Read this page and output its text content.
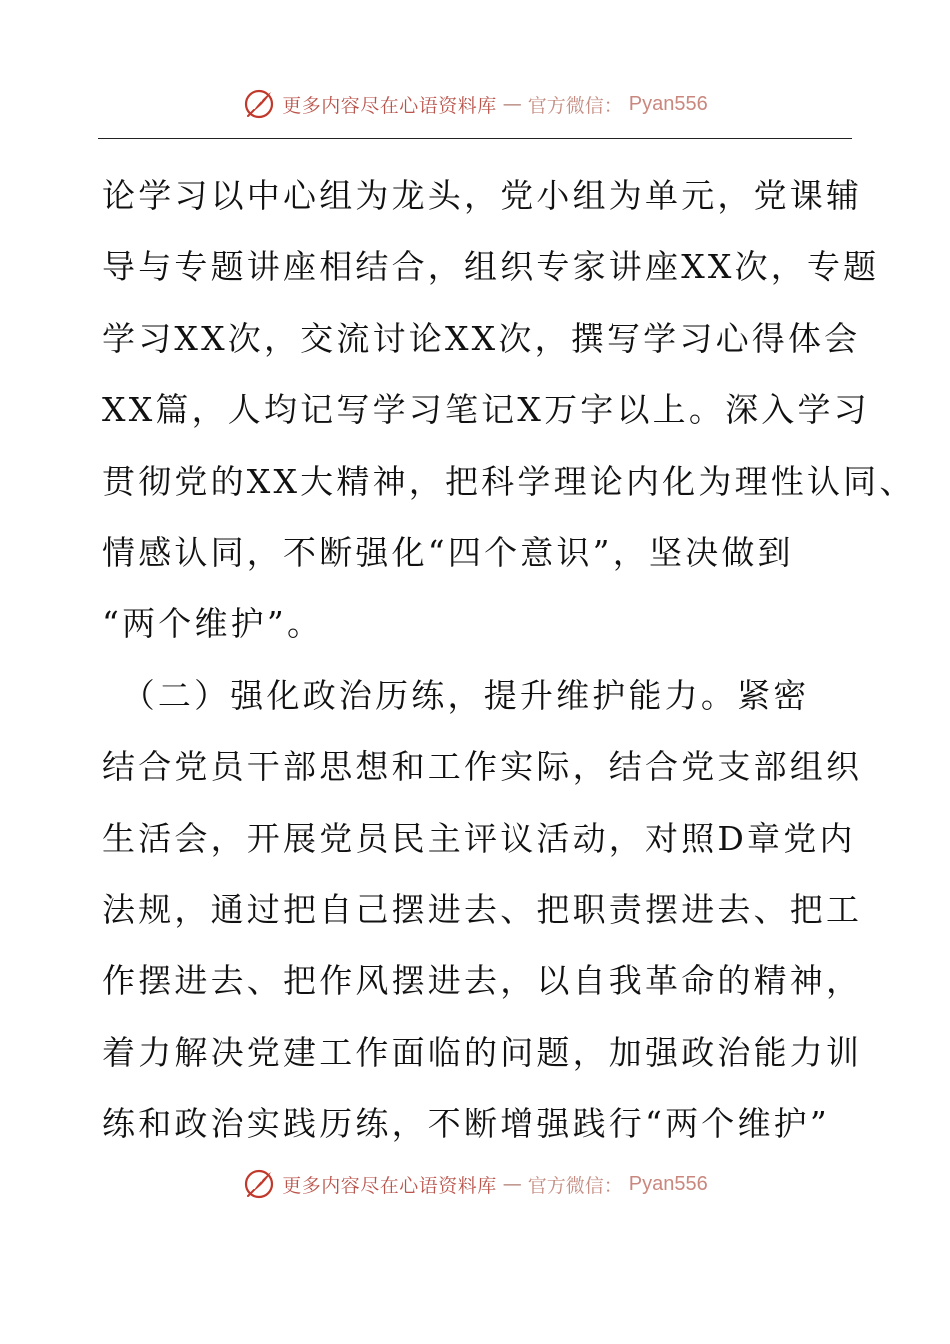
更多内容尽在心语资料库 — 官方微信： Pyan556
论学习以中心组为龙头，党小组为单元，党课辅
导与专题讲座相结合，组织专家讲座XX次，专题
学习XX次，交流讨论XX次，撰写学习心得体会
XX篇，人均记写学习笔记X万字以上。深入学习
贯彻党的XX大精神，把科学理论内化为理性认同、
情感认同，不断强化“四个意识”，坚决做到
“两个维护”。
　（二）强化政治历练，提升维护能力。紧密
结合党员干部思想和工作实际，结合党支部组织
生活会，开展党员民主评议活动，对照D章党内
法规，通过把自己摆进去、把职责摆进去、把工
作摆进去、把作风摆进去，以自我革命的精神，
着力解决党建工作面临的问题，加强政治能力训
练和政治实践历练，不断增强践行“两个维护”
更多内容尽在心语资料库 — 官方微信： Pyan556
